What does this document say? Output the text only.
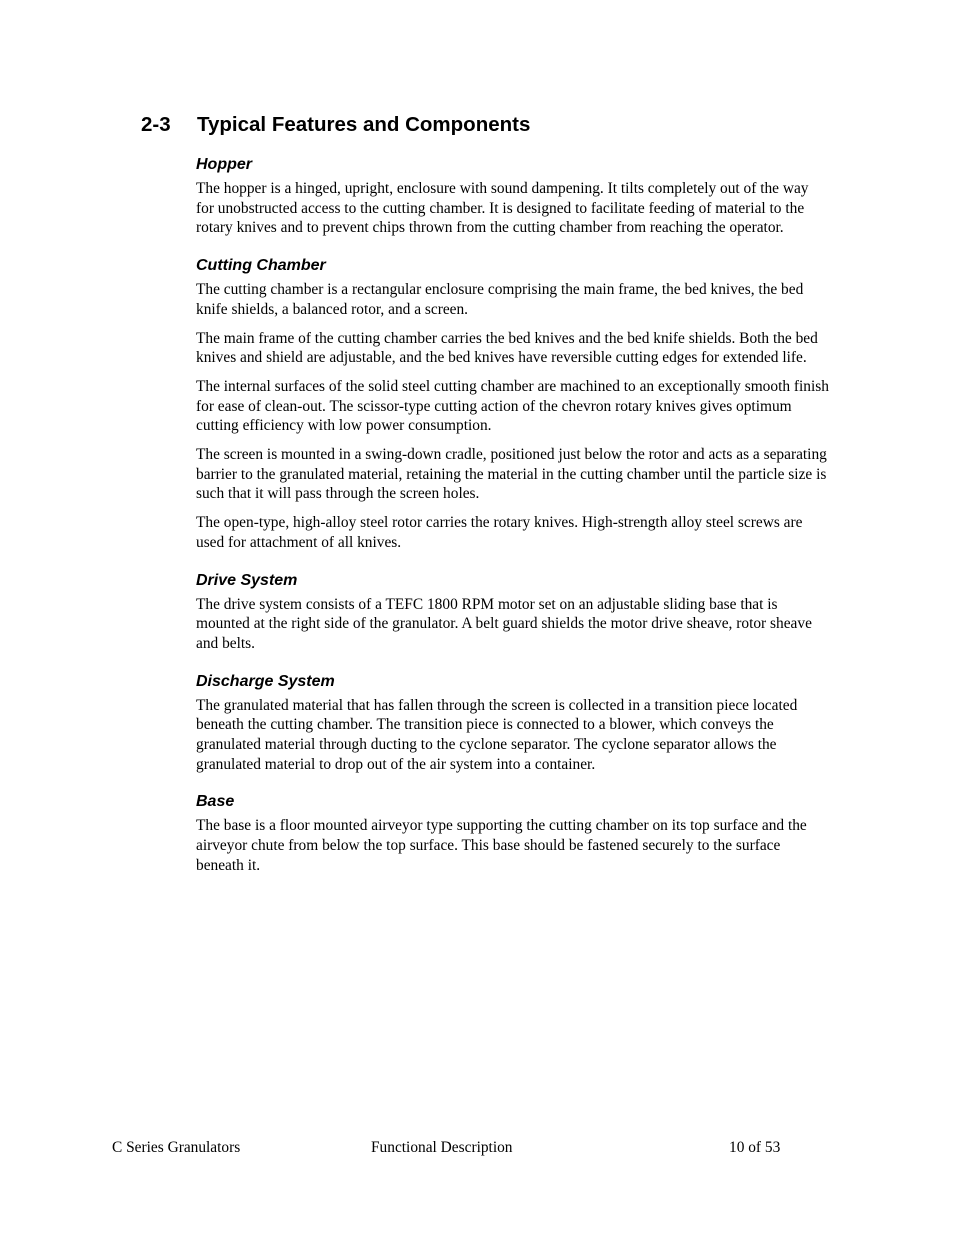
2-3 Typical Features and Components
Hopper

The hopper is a hinged, upright, enclosure with sound dampening. It tilts completely out of the way for unobstructed access to the cutting chamber. It is designed to facilitate feeding of material to the rotary knives and to prevent chips thrown from the cutting chamber from reaching the operator.

Cutting Chamber

The cutting chamber is a rectangular enclosure comprising the main frame, the bed knives, the bed knife shields, a balanced rotor, and a screen.

The main frame of the cutting chamber carries the bed knives and the bed knife shields. Both the bed knives and shield are adjustable, and the bed knives have reversible cutting edges for extended life.

The internal surfaces of the solid steel cutting chamber are machined to an exceptionally smooth finish for ease of clean-out. The scissor-type cutting action of the chevron rotary knives gives optimum cutting efficiency with low power consumption.

The screen is mounted in a swing-down cradle, positioned just below the rotor and acts as a separating barrier to the granulated material, retaining the material in the cutting chamber until the particle size is such that it will pass through the screen holes.

The open-type, high-alloy steel rotor carries the rotary knives. High-strength alloy steel screws are used for attachment of all knives.

Drive System

The drive system consists of a TEFC 1800 RPM motor set on an adjustable sliding base that is mounted at the right side of the granulator. A belt guard shields the motor drive sheave, rotor sheave and belts.

Discharge System

The granulated material that has fallen through the screen is collected in a transition piece located beneath the cutting chamber. The transition piece is connected to a blower, which conveys the granulated material through ducting to the cyclone separator. The cyclone separator allows the granulated material to drop out of the air system into a container.

Base

The base is a floor mounted airveyor type supporting the cutting chamber on its top surface and the airveyor chute from below the top surface. This base should be fastened securely to the surface beneath it.

C Series Granulators	Functional Description	10 of 53
